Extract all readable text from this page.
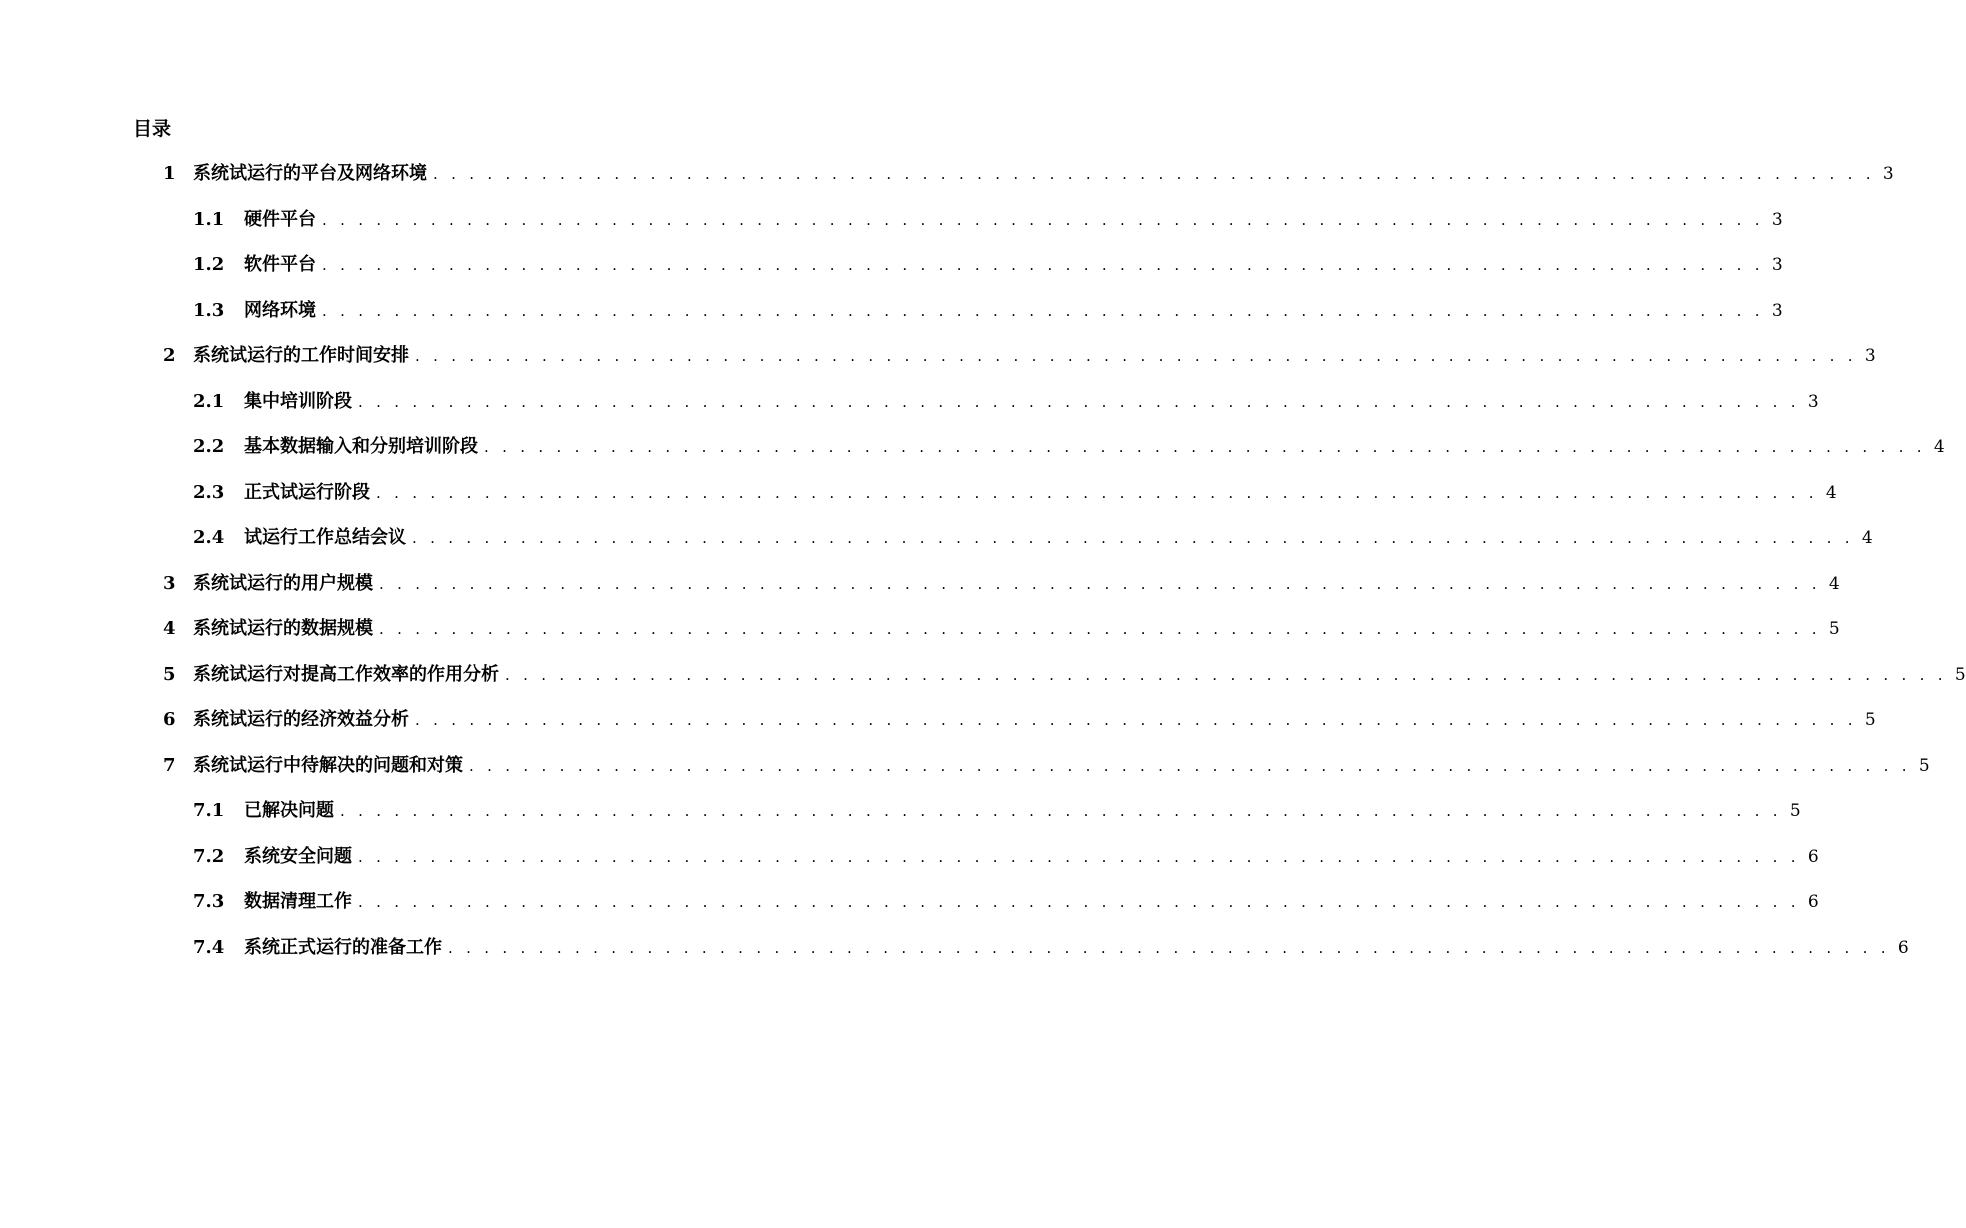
目录
1 系统试运行的平台及网络环境 . . . . . . . . . . . . . . . . . . . . . . . . . . . . . . . . . . . . . . . . . . . . . . . . . . . . . . . . . . . . . . . . . . . . . . . . . . . . . . . . 3
1.1	硬件平台 . . . . . . . . . . . . . . . . . . . . . . . . . . . . . . . . . . . . . . . . . . . . . . . . . . . . . . . . . . . . . . . . . . . . . . . . . . . . . . . . 3
1.2	软件平台 . . . . . . . . . . . . . . . . . . . . . . . . . . . . . . . . . . . . . . . . . . . . . . . . . . . . . . . . . . . . . . . . . . . . . . . . . . . . . . . . 3
1.3	网络环境 . . . . . . . . . . . . . . . . . . . . . . . . . . . . . . . . . . . . . . . . . . . . . . . . . . . . . . . . . . . . . . . . . . . . . . . . . . . . . . . . 3
2 系统试运行的工作时间安排 . . . . . . . . . . . . . . . . . . . . . . . . . . . . . . . . . . . . . . . . . . . . . . . . . . . . . . . . . . . . . . . . . . . . . . . . . . . . . . . . 3
2.1	集中培训阶段 . . . . . . . . . . . . . . . . . . . . . . . . . . . . . . . . . . . . . . . . . . . . . . . . . . . . . . . . . . . . . . . . . . . . . . . . . . . . . . . . 3
2.2	基本数据输入和分别培训阶段 . . . . . . . . . . . . . . . . . . . . . . . . . . . . . . . . . . . . . . . . . . . . . . . . . . . . . . . . . . . . . . . . . . . . . . . . . . . . . . . . 4
2.3	正式试运行阶段 . . . . . . . . . . . . . . . . . . . . . . . . . . . . . . . . . . . . . . . . . . . . . . . . . . . . . . . . . . . . . . . . . . . . . . . . . . . . . . . . 4
2.4	试运行工作总结会议 . . . . . . . . . . . . . . . . . . . . . . . . . . . . . . . . . . . . . . . . . . . . . . . . . . . . . . . . . . . . . . . . . . . . . . . . . . . . . . . . 4
3 系统试运行的用户规模 . . . . . . . . . . . . . . . . . . . . . . . . . . . . . . . . . . . . . . . . . . . . . . . . . . . . . . . . . . . . . . . . . . . . . . . . . . . . . . . . 4
4 系统试运行的数据规模 . . . . . . . . . . . . . . . . . . . . . . . . . . . . . . . . . . . . . . . . . . . . . . . . . . . . . . . . . . . . . . . . . . . . . . . . . . . . . . . . 5
5 系统试运行对提高工作效率的作用分析 . . . . . . . . . . . . . . . . . . . . . . . . . . . . . . . . . . . . . . . . . . . . . . . . . . . . . . . . . . . . . . . . . . . . . . . . . . . . . . . . 5
6 系统试运行的经济效益分析 . . . . . . . . . . . . . . . . . . . . . . . . . . . . . . . . . . . . . . . . . . . . . . . . . . . . . . . . . . . . . . . . . . . . . . . . . . . . . . . . 5
7 系统试运行中待解决的问题和对策 . . . . . . . . . . . . . . . . . . . . . . . . . . . . . . . . . . . . . . . . . . . . . . . . . . . . . . . . . . . . . . . . . . . . . . . . . . . . . . . . 5
7.1	已解决问题 . . . . . . . . . . . . . . . . . . . . . . . . . . . . . . . . . . . . . . . . . . . . . . . . . . . . . . . . . . . . . . . . . . . . . . . . . . . . . . . . 5
7.2	系统安全问题 . . . . . . . . . . . . . . . . . . . . . . . . . . . . . . . . . . . . . . . . . . . . . . . . . . . . . . . . . . . . . . . . . . . . . . . . . . . . . . . . 6
7.3	数据清理工作 . . . . . . . . . . . . . . . . . . . . . . . . . . . . . . . . . . . . . . . . . . . . . . . . . . . . . . . . . . . . . . . . . . . . . . . . . . . . . . . . 6
7.4	系统正式运行的准备工作 . . . . . . . . . . . . . . . . . . . . . . . . . . . . . . . . . . . . . . . . . . . . . . . . . . . . . . . . . . . . . . . . . . . . . . . . . . . . . . . . 6
